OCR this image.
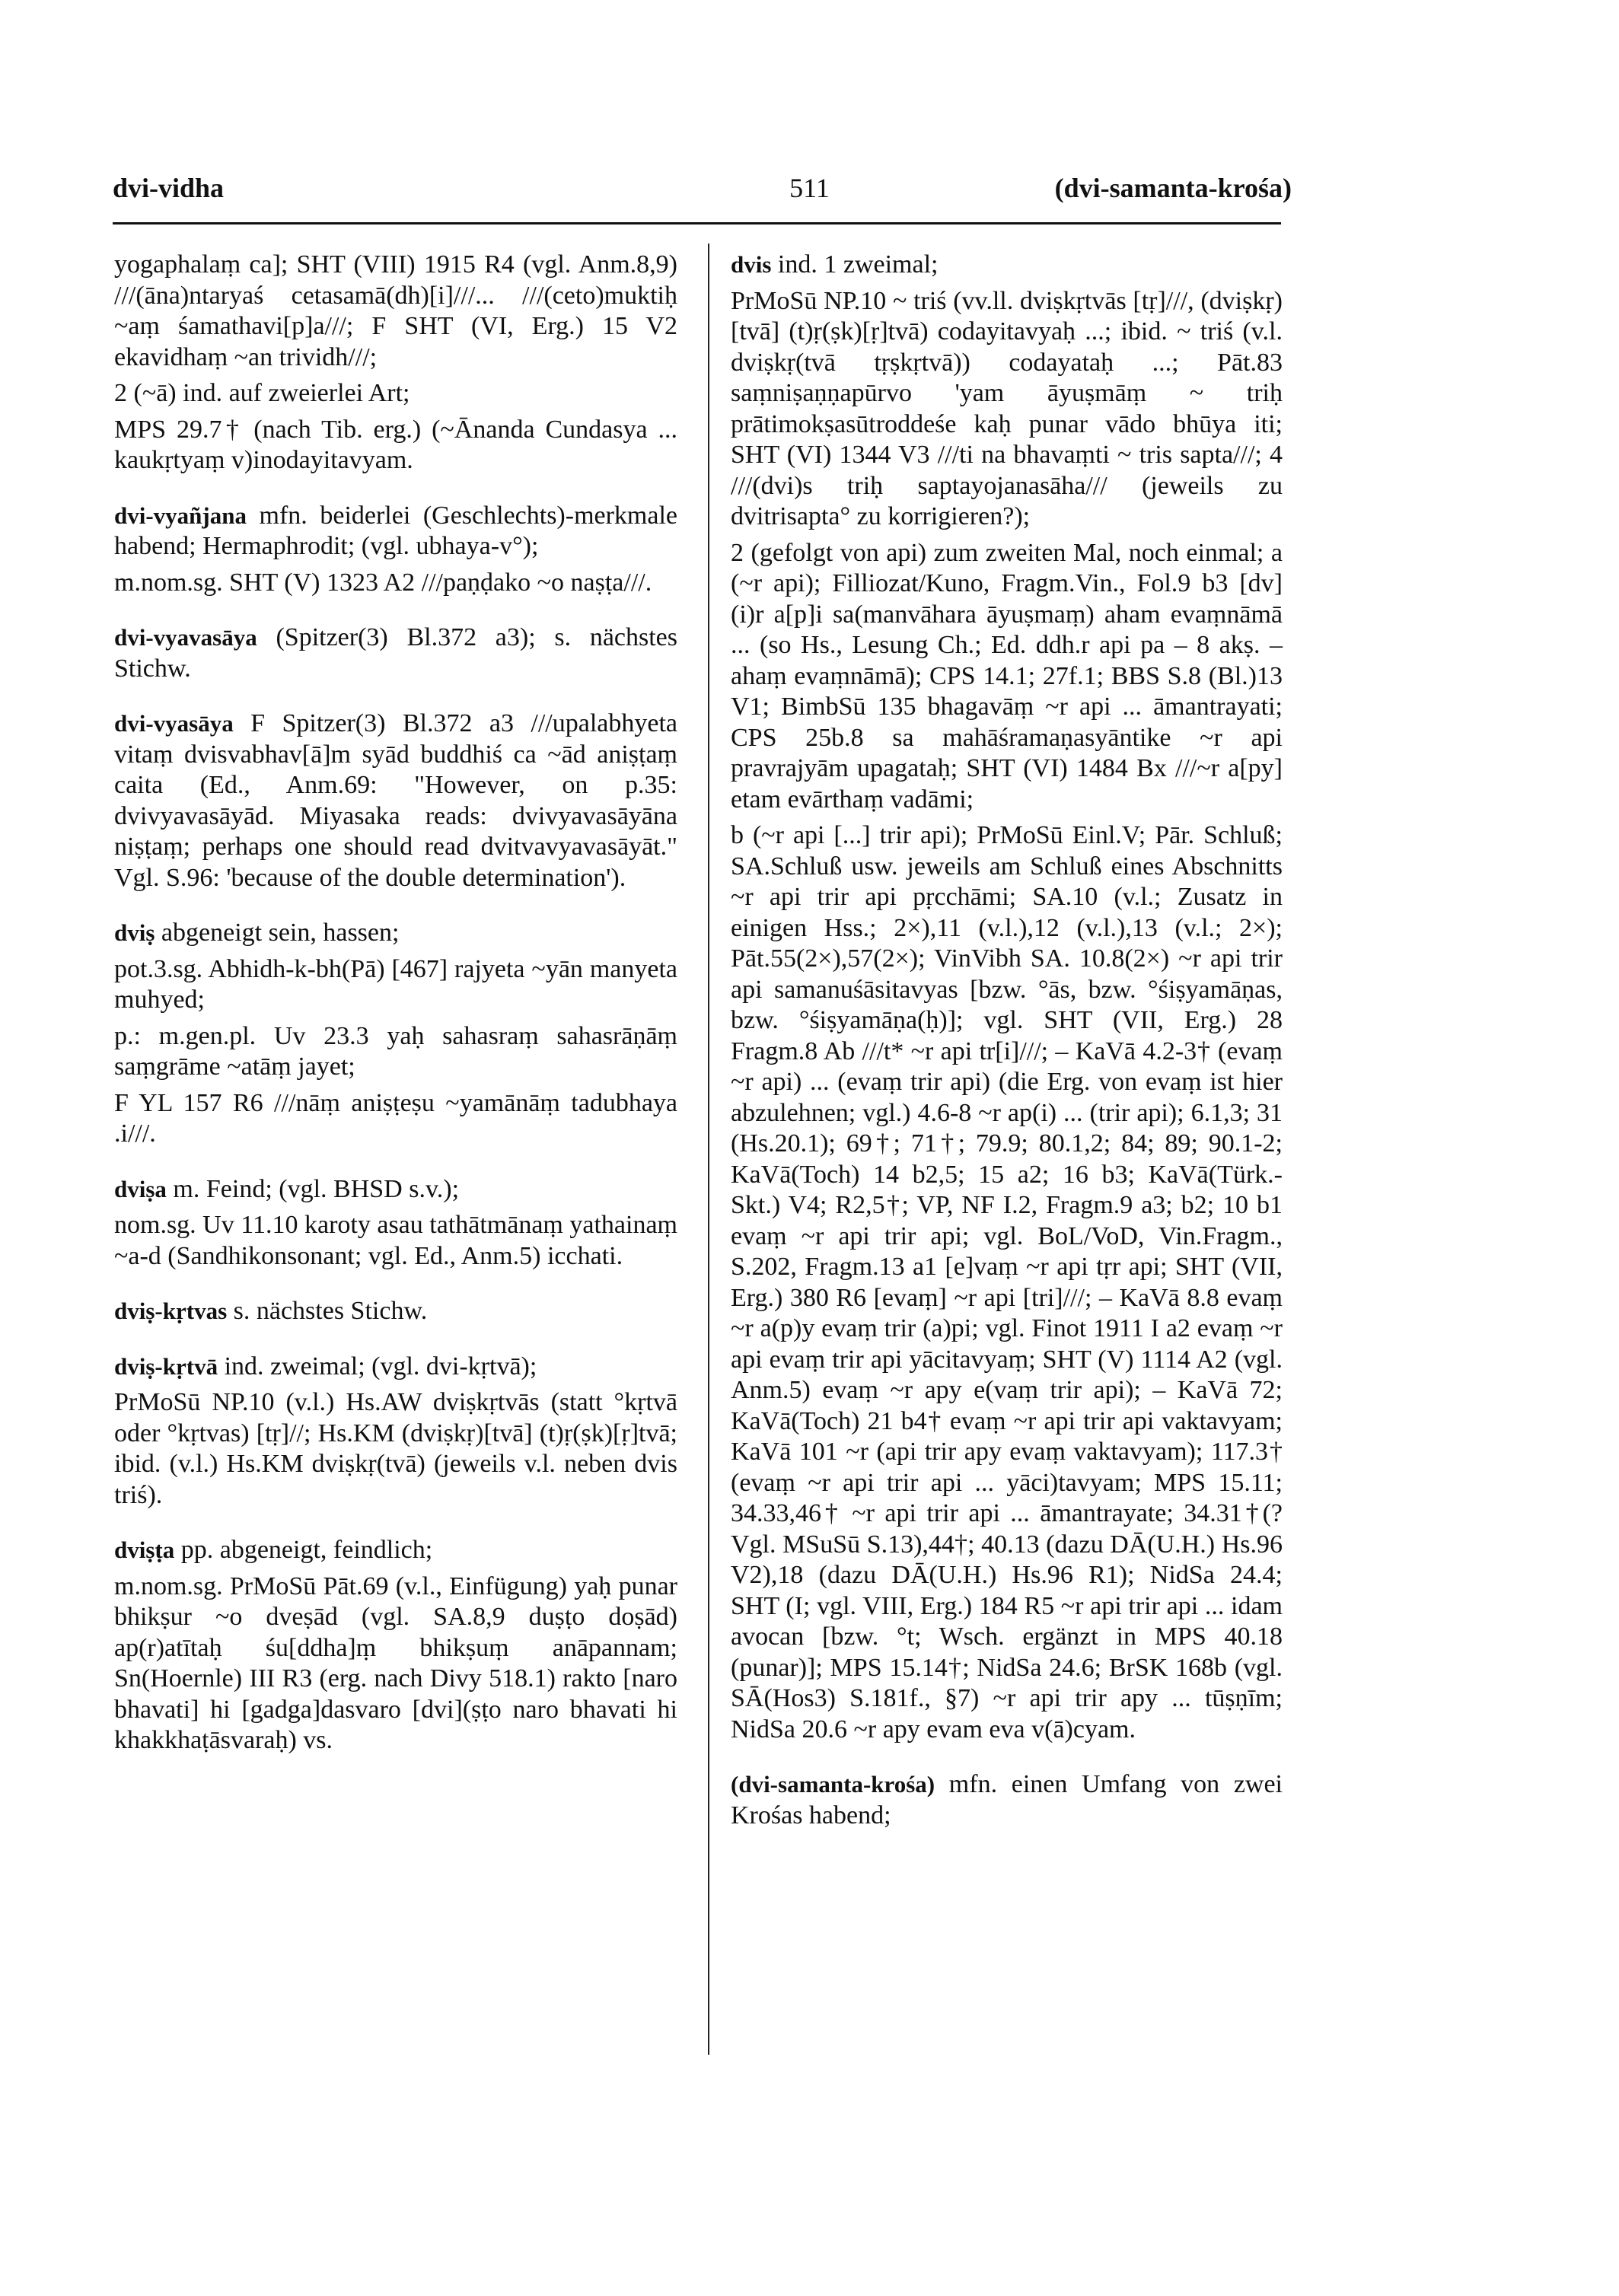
dvi-vidha	511	(dvi-samanta-krośa)

yogaphalaṃ ca]; SHT (VIII) 1915 R4 (vgl. Anm.8,9) ///(āna)ntaryaś cetasamā(dh)[i]///... ///(ceto)muktiḥ ~aṃ śamathavi[p]a///; F SHT (VI, Erg.) 15 V2 ekavidhaṃ ~an trividh///;

2 (~ā) ind. auf zweierlei Art;

MPS 29.7† (nach Tib. erg.) (~Ānanda Cundasya ... kaukṛtyaṃ v)inodayitavyam.

dvi-vyañjana mfn. beiderlei (Geschlechts)-merkmale habend; Hermaphrodit; (vgl. ubhaya-v°);

m.nom.sg. SHT (V) 1323 A2 ///paṇḍako ~o naṣṭa///.

dvi-vyavasāya (Spitzer(3) Bl.372 a3); s. nächstes Stichw.

dvi-vyasāya F Spitzer(3) Bl.372 a3 ///upalabhyeta vitaṃ dvisvabhav[ā]m syād buddhiś ca ~ād aniṣṭaṃ caita (Ed., Anm.69: "However, on p.35: dvivyavasāyād. Miyasaka reads: dvivyavasāyāna niṣṭaṃ; perhaps one should read dvitvavyavasāyāt." Vgl. S.96: 'because of the double determination').

dviṣ abgeneigt sein, hassen;

pot.3.sg. Abhidh-k-bh(Pā) [467] rajyeta ~yān manyeta muhyed;

p.: m.gen.pl. Uv 23.3 yaḥ sahasraṃ sahasrāṇāṃ saṃgrāme ~atāṃ jayet;

F YL 157 R6 ///nāṃ aniṣṭeṣu ~yamānāṃ tadubhaya .i///.

dviṣa m. Feind; (vgl. BHSD s.v.);

nom.sg. Uv 11.10 karoty asau tathātmānaṃ yathainaṃ ~a-d (Sandhikonsonant; vgl. Ed., Anm.5) icchati.

dviṣ-kṛtvas s. nächstes Stichw.

dviṣ-kṛtvā ind. zweimal; (vgl. dvi-kṛtvā);

PrMoSū NP.10 (v.l.) Hs.AW dviṣkṛtvās (statt °kṛtvā oder °kṛtvas) [tṛ]//; Hs.KM (dviṣkṛ)[tvā] (t)ṛ(ṣk)[ṛ]tvā; ibid. (v.l.) Hs.KM dviṣkṛ(tvā) (jeweils v.l. neben dvis triś).

dviṣṭa pp. abgeneigt, feindlich;

m.nom.sg. PrMoSū Pāt.69 (v.l., Einfügung) yaḥ punar bhikṣur ~o dveṣād (vgl. SA.8,9 duṣṭo doṣād) ap(r)atītaḥ śu[ddha]ṃ bhikṣuṃ anāpannam; Sn(Hoernle) III R3 (erg. nach Divy 518.1) rakto [naro bhavati] hi [gadga]dasvaro [dvi](ṣṭo naro bhavati hi khakkhaṭāsvaraḥ) vs.

dvis ind. 1 zweimal;

PrMoSū NP.10 ~ triś (vv.ll. dviṣkṛtvās [tṛ]///, (dviṣkṛ)[tvā] (t)ṛ(ṣk)[ṛ]tvā) codayitavyaḥ ...; ibid. ~ triś (v.l. dviṣkṛ(tvā tṛṣkṛtvā)) codayataḥ ...; Pāt.83 saṃniṣaṇṇapūrvo 'yam āyuṣmāṃ ~ triḥ prātimokṣasūtroddeśe kaḥ punar vādo bhūya iti; SHT (VI) 1344 V3 ///ti na bhavaṃti ~ tris sapta///; 4 ///(dvi)s triḥ saptayojanasāha/// (jeweils zu dvitrisapta° zu korrigieren?);

2 (gefolgt von api) zum zweiten Mal, noch einmal; a (~r api); Filliozat/Kuno, Fragm.Vin., Fol.9 b3 [dv](i)r a[p]i sa(manvāhara āyuṣmaṃ) aham evaṃnāmā ... (so Hs., Lesung Ch.; Ed. ddh.r api pa – 8 akṣ. – ahaṃ evaṃnāmā); CPS 14.1; 27f.1; BBS S.8 (Bl.)13 V1; BimbSū 135 bhagavāṃ ~r api ... āmantrayati; CPS 25b.8 sa mahāśramaṇasyāntike ~r api pravrajyām upagataḥ; SHT (VI) 1484 Bx ///~r a[py] etam evārthaṃ vadāmi;

b (~r api [...] trir api); PrMoSū Einl.V; Pār. Schluß; SA.Schluß usw. jeweils am Schluß eines Abschnitts ~r api trir api pṛcchāmi; SA.10 (v.l.; Zusatz in einigen Hss.; 2×),11 (v.l.),12 (v.l.),13 (v.l.; 2×); Pāt.55(2×),57(2×); VinVibh SA. 10.8(2×) ~r api trir api samanuśāsitavyas [bzw. °ās, bzw. °śiṣyamāṇas, bzw. °śiṣyamāṇa(ḥ)]; vgl. SHT (VII, Erg.) 28 Fragm.8 Ab ///t* ~r api tr[i]///; – KaVā 4.2-3† (evaṃ ~r api) ... (evaṃ trir api) (die Erg. von evaṃ ist hier abzulehnen; vgl.) 4.6-8 ~r ap(i) ... (trir api); 6.1,3; 31 (Hs.20.1); 69†; 71†; 79.9; 80.1,2; 84; 89; 90.1-2; KaVā(Toch) 14 b2,5; 15 a2; 16 b3; KaVā(Türk.-Skt.) V4; R2,5†; VP, NF I.2, Fragm.9 a3; b2; 10 b1 evaṃ ~r api trir api; vgl. BoL/VoD, Vin.Fragm., S.202, Fragm.13 a1 [e]vaṃ ~r api tṛr api; SHT (VII, Erg.) 380 R6 [evaṃ] ~r api [tri]///; – KaVā 8.8 evaṃ ~r a(p)y evaṃ trir (a)pi; vgl. Finot 1911 I a2 evaṃ ~r api evaṃ trir api yācitavyaṃ; SHT (V) 1114 A2 (vgl. Anm.5) evaṃ ~r apy e(vaṃ trir api); – KaVā 72; KaVā(Toch) 21 b4† evaṃ ~r api trir api vaktavyam; KaVā 101 ~r (api trir apy evaṃ vaktavyam); 117.3† (evaṃ ~r api trir api ... yāci)tavyam; MPS 15.11; 34.33,46† ~r api trir api ... āmantrayate; 34.31†(? Vgl. MSuSū S.13),44†; 40.13 (dazu DĀ(U.H.) Hs.96 V2),18 (dazu DĀ(U.H.) Hs.96 R1); NidSa 24.4; SHT (I; vgl. VIII, Erg.) 184 R5 ~r api trir api ... idam avocan [bzw. °t; Wsch. ergänzt in MPS 40.18 (punar)]; MPS 15.14†; NidSa 24.6; BrSK 168b (vgl. SĀ(Hos3) S.181f., §7) ~r api trir apy ... tūṣṇīm; NidSa 20.6 ~r apy evam eva v(ā)cyam.

(dvi-samanta-krośa) mfn. einen Umfang von zwei Krośas habend;
